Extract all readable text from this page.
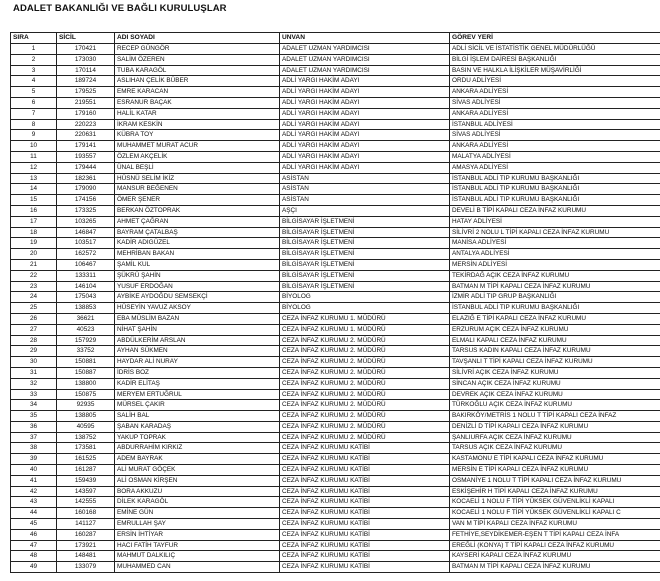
ADALET BAKANLIĞI VE BAĞLI KURULUŞLAR
SIRA	SİCİL	ADI SOYADI	UNVAN	GÖREV YERİ
1	170421	RECEP GÜNGÖR	ADALET UZMAN YARDIMCISI	ADLİ SİCİL VE İSTATİSTİK GENEL MÜDÜRLÜĞÜ
2	173030	SALİM ÖZEREN	ADALET UZMAN YARDIMCISI	BİLGİ İŞLEM DAİRESİ BAŞKANLIĞI
3	170114	TUBA KARAGÖL	ADALET UZMAN YARDIMCISI	BASIN VE HALKLA İLİŞKİLER MÜŞAVİRLİĞİ
4	189724	ASLIHAN ÇELİK BÜBER	ADLİ YARGI HAKİM ADAYI	ORDU ADLİYESİ
5	179525	EMRE KARACAN	ADLİ YARGI HAKİM ADAYI	ANKARA ADLİYESİ
6	219551	ESRANUR BAÇAK	ADLİ YARGI HAKİM ADAYI	SİVAS ADLİYESİ
7	179160	HALİL KATAR	ADLİ YARGI HAKİM ADAYI	ANKARA ADLİYESİ
8	220223	İKRAM KESKİN	ADLİ YARGI HAKİM ADAYI	İSTANBUL ADLİYESİ
9	220631	KÜBRA TOY	ADLİ YARGI HAKİM ADAYI	SİVAS ADLİYESİ
10	179141	MUHAMMET MURAT ACUR	ADLİ YARGI HAKİM ADAYI	ANKARA ADLİYESİ
11	193557	ÖZLEM AKÇELİK	ADLİ YARGI HAKİM ADAYI	MALATYA ADLİYESİ
12	179444	ÜNAL BEŞLİ	ADLİ YARGI HAKİM ADAYI	AMASYA ADLİYESİ
13	182361	HÜSNÜ SELİM İKİZ	ASİSTAN	İSTANBUL ADLİ TIP KURUMU BAŞKANLIĞI
14	179090	MANSUR BEĞENEN	ASİSTAN	İSTANBUL ADLİ TIP KURUMU BAŞKANLIĞI
15	174156	ÖMER ŞENER	ASİSTAN	İSTANBUL ADLİ TIP KURUMU BAŞKANLIĞI
16	173325	BERKAN ÖZTOPRAK	AŞÇI	DEVELİ B TİPİ KAPALI CEZA İNFAZ KURUMU
17	103265	AHMET ÇAĞRAN	BİLGİSAYAR İŞLETMENİ	HATAY ADLİYESİ
18	146847	BAYRAM ÇATALBAŞ	BİLGİSAYAR İŞLETMENİ	SİLİVRİ 2 NOLU L TİPİ KAPALI CEZA İNFAZ KURUMU
19	103517	KADİR ADIGÜZEL	BİLGİSAYAR İŞLETMENİ	MANİSA ADLİYESİ
20	162572	MEHRİBAN BAKAN	BİLGİSAYAR İŞLETMENİ	ANTALYA ADLİYESİ
21	106467	ŞAMİL KUL	BİLGİSAYAR İŞLETMENİ	MERSİN ADLİYESİ
22	133311	ŞÜKRÜ ŞAHİN	BİLGİSAYAR İŞLETMENİ	TEKİRDAĞ AÇIK CEZA İNFAZ KURUMU
23	146104	YUSUF ERDOĞAN	BİLGİSAYAR İŞLETMENİ	BATMAN M TİPİ KAPALI CEZA İNFAZ KURUMU
24	175043	AYBİKE AYDOĞDU SEMSEKÇİ	BİYOLOG	İZMİR ADLİ TIP GRUP BAŞKANLIĞI
25	138853	HÜSEYİN YAVUZ AKSOY	BİYOLOG	İSTANBUL ADLİ TIP KURUMU BAŞKANLIĞI
26	36621	EBA MÜSLİM BAZAN	CEZA İNFAZ KURUMU 1. MÜDÜRÜ	ELAZIĞ E TİPİ KAPALI CEZA İNFAZ KURUMU
27	40523	NİHAT ŞAHİN	CEZA İNFAZ KURUMU 1. MÜDÜRÜ	ERZURUM AÇIK CEZA İNFAZ KURUMU
28	157929	ABDÜLKERİM ARSLAN	CEZA İNFAZ KURUMU 2. MÜDÜRÜ	ELMALI KAPALI CEZA İNFAZ KURUMU
29	33752	AYHAN SÜKMEN	CEZA İNFAZ KURUMU 2. MÜDÜRÜ	TARSUS KADIN KAPALI CEZA İNFAZ KURUMU
30	150881	HAYDAR ALİ NURAY	CEZA İNFAZ KURUMU 2. MÜDÜRÜ	TAVŞANLI T TİPİ KAPALI CEZA İNFAZ KURUMU
31	150887	İDRİS BOZ	CEZA İNFAZ KURUMU 2. MÜDÜRÜ	SİLİVRİ AÇIK CEZA İNFAZ KURUMU
32	138800	KADİR ELİTAŞ	CEZA İNFAZ KURUMU 2. MÜDÜRÜ	SİNCAN AÇIK CEZA İNFAZ KURUMU
33	150875	MERYEM ERTUĞRUL	CEZA İNFAZ KURUMU 2. MÜDÜRÜ	DEVREK AÇIK CEZA İNFAZ KURUMU
34	92935	MÜRSEL ÇAKIR	CEZA İNFAZ KURUMU 2. MÜDÜRÜ	TÜRKOĞLU AÇIK CEZA İNFAZ KURUMU
35	138805	SALİH BAL	CEZA İNFAZ KURUMU 2. MÜDÜRÜ	BAKIRKÖY/METRİS 1 NOLU T TİPİ KAPALI CEZA İNFAZ
36	40595	ŞABAN KARADAŞ	CEZA İNFAZ KURUMU 2. MÜDÜRÜ	DENİZLİ D TİPİ KAPALI CEZA İNFAZ KURUMU
37	138752	YAKUP TOPRAK	CEZA İNFAZ KURUMU 2. MÜDÜRÜ	ŞANLIURFA AÇIK CEZA İNFAZ KURUMU
38	173581	ABDURRAHİM KIRKIZ	CEZA İNFAZ KURUMU KATİBİ	TARSUS AÇIK CEZA İNFAZ KURUMU
39	161525	ADEM BAYRAK	CEZA İNFAZ KURUMU KATİBİ	KASTAMONU E TİPİ KAPALI CEZA İNFAZ KURUMU
40	161287	ALİ MURAT GÖÇEK	CEZA İNFAZ KURUMU KATİBİ	MERSİN E TİPİ KAPALI CEZA İNFAZ KURUMU
41	159439	ALİ OSMAN KİRŞEN	CEZA İNFAZ KURUMU KATİBİ	OSMANİYE 1 NOLU T TİPİ KAPALI CEZA İNFAZ KURUMU
42	143597	BORA AKKUZU	CEZA İNFAZ KURUMU KATİBİ	ESKİŞEHİR H TİPİ KAPALI CEZA İNFAZ KURUMU
43	142555	DİLEK KARAGÖL	CEZA İNFAZ KURUMU KATİBİ	KOCAELİ 1 NOLU F TİPİ YÜKSEK GÜVENLİKLİ KAPALI
44	160168	EMİNE GÜN	CEZA İNFAZ KURUMU KATİBİ	KOCAELİ 1 NOLU F TİPİ YÜKSEK GÜVENLİKLİ KAPALI C
45	141127	EMRULLAH ŞAY	CEZA İNFAZ KURUMU KATİBİ	VAN M TİPİ KAPALI CEZA İNFAZ KURUMU
46	160287	ERSİN İHTİYAR	CEZA İNFAZ KURUMU KATİBİ	FETHİYE,SEYDİKEMER-EŞEN T TİPİ KAPALI CEZA İNFA
47	173921	HACI FATİH TAYFUR	CEZA İNFAZ KURUMU KATİBİ	EREĞLİ (KONYA) T TİPİ KAPALI CEZA İNFAZ KURUMU
48	148481	MAHMUT DALKILIÇ	CEZA İNFAZ KURUMU KATİBİ	KAYSERİ KAPALI CEZA İNFAZ KURUMU
49	133079	MUHAMMED CAN	CEZA İNFAZ KURUMU KATİBİ	BATMAN M TİPİ KAPALI CEZA İNFAZ KURUMU
